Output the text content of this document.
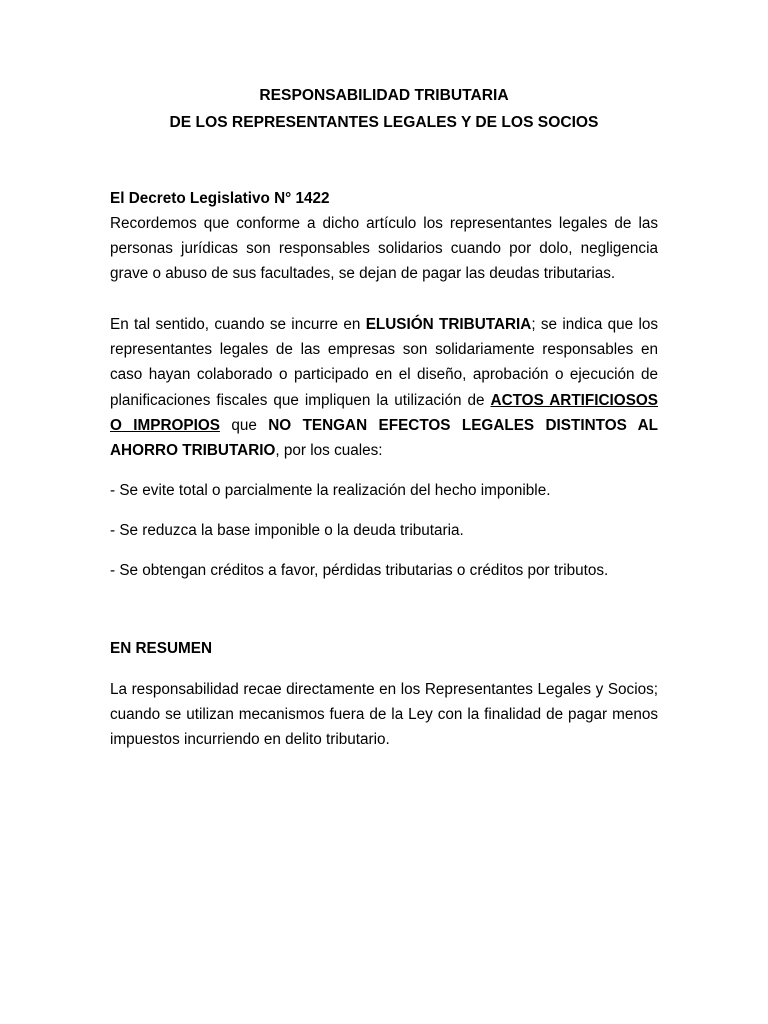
RESPONSABILIDAD TRIBUTARIA
DE LOS REPRESENTANTES LEGALES Y DE LOS SOCIOS
El Decreto Legislativo N° 1422
Recordemos que conforme a dicho artículo los representantes legales de las personas jurídicas son responsables solidarios cuando por dolo, negligencia grave o abuso de sus facultades, se dejan de pagar las deudas tributarias.
En tal sentido, cuando se incurre en ELUSIÓN TRIBUTARIA; se indica que los representantes legales de las empresas son solidariamente responsables en caso hayan colaborado o participado en el diseño, aprobación o ejecución de planificaciones fiscales que impliquen la utilización de ACTOS ARTIFICIOSOS O IMPROPIOS que NO TENGAN EFECTOS LEGALES DISTINTOS AL AHORRO TRIBUTARIO, por los cuales:
- Se evite total o parcialmente la realización del hecho imponible.
- Se reduzca la base imponible o la deuda tributaria.
- Se obtengan créditos a favor, pérdidas tributarias o créditos por tributos.
EN RESUMEN
La responsabilidad recae directamente en los Representantes Legales y Socios; cuando se utilizan mecanismos fuera de la Ley con la finalidad de pagar menos impuestos incurriendo en delito tributario.
